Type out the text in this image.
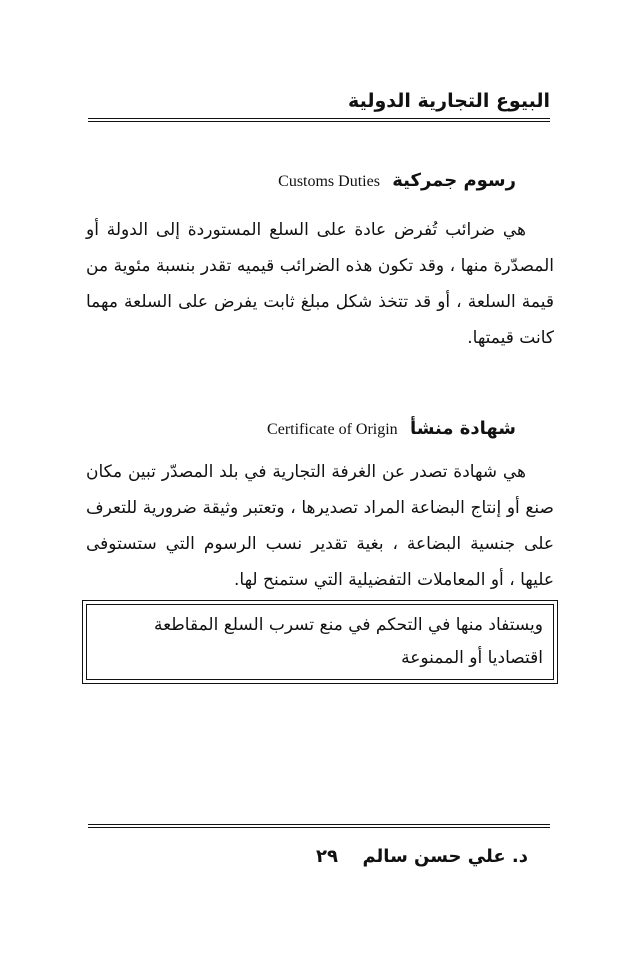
البيوع التجارية الدولية
رسوم جمركية Customs Duties

هي ضرائب تُفرض عادة على السلع المستوردة إلى الدولة أو المصدّرة منها ، وقد تكون هذه الضرائب قيميه تقدر بنسبة مئوية من قيمة السلعة ، أو قد تتخذ شكل مبلغ ثابت يفرض على السلعة مهما كانت قيمتها.

شهادة منشأ Certificate of Origin

هي شهادة تصدر عن الغرفة التجارية في بلد المصدّر تبين مكان صنع أو إنتاج البضاعة المراد تصديرها ، وتعتبر وثيقة ضرورية للتعرف على جنسية البضاعة ، بغية تقدير نسب الرسوم التي ستستوفى عليها ، أو المعاملات التفضيلية التي ستمنح لها.

ويستفاد منها في التحكم في منع تسرب السلع المقاطعة اقتصاديا أو الممنوعة
د. علي حسن سالم
٢٩
